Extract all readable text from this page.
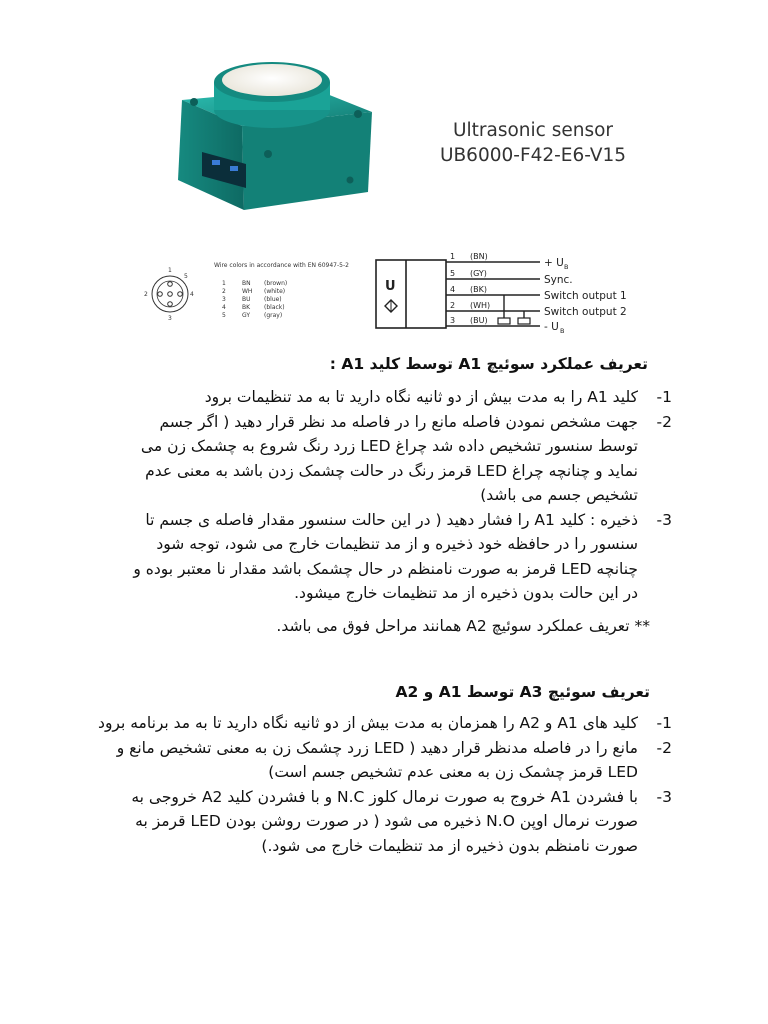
Ultrasonic sensor
UB6000-F42-E6-V15
1
2
3
4
5
Wire colors in accordance with EN 60947-5-2
1	BN (brown)
2	WH (white)
3	BU (blue)
4	BK (black)
5	GY (gray)
U
1 (BN)
5 (GY)
4 (BK)
2 (WH)
3 (BU)
+ U B
Sync.
Switch output 1
Switch output 2
- U B
تعریف عملکرد سوئیچ A1 توسط کلید A1 :
-1
کلید A1 را به مدت بیش از دو ثانیه نگاه دارید تا به مد تنظیمات برود
-2
جهت مشخص نمودن فاصله مانع را در فاصله مد نظر قرار دهید ( اگر جسم توسط سنسور تشخیص داده شد چراغ LED زرد رنگ شروع به چشمک زن می نماید و چنانچه چراغ LED قرمز رنگ در حالت چشمک زدن باشد به معنی عدم تشخیص جسم می باشد)
-3
ذخیره : کلید A1 را فشار دهید ( در این حالت سنسور مقدار فاصله ی جسم تا سنسور را در حافظه خود ذخیره و از مد تنظیمات خارج می شود، توجه شود چنانچه LED قرمز به صورت نامنظم در حال چشمک باشد مقدار نا معتبر بوده و در این حالت بدون ذخیره از مد تنظیمات خارج میشود.
** تعریف عملکرد سوئیچ A2 همانند مراحل فوق می باشد.
تعریف سوئیچ A3 توسط A1 و A2
-1
کلید های A1 و A2 را همزمان به مدت بیش از دو ثانیه نگاه دارید تا به مد برنامه برود
-2
مانع را در فاصله مدنظر قرار دهید ( LED زرد چشمک زن به معنی تشخیص مانع و LED قرمز چشمک زن به معنی عدم تشخیص جسم است)
-3
با فشردن A1 خروج به صورت نرمال کلوز N.C و با فشردن کلید A2 خروجی به صورت نرمال اوپن N.O ذخیره می شود ( در صورت روشن بودن LED قرمز به صورت نامنظم بدون ذخیره از مد تنظیمات خارج می شود.)
